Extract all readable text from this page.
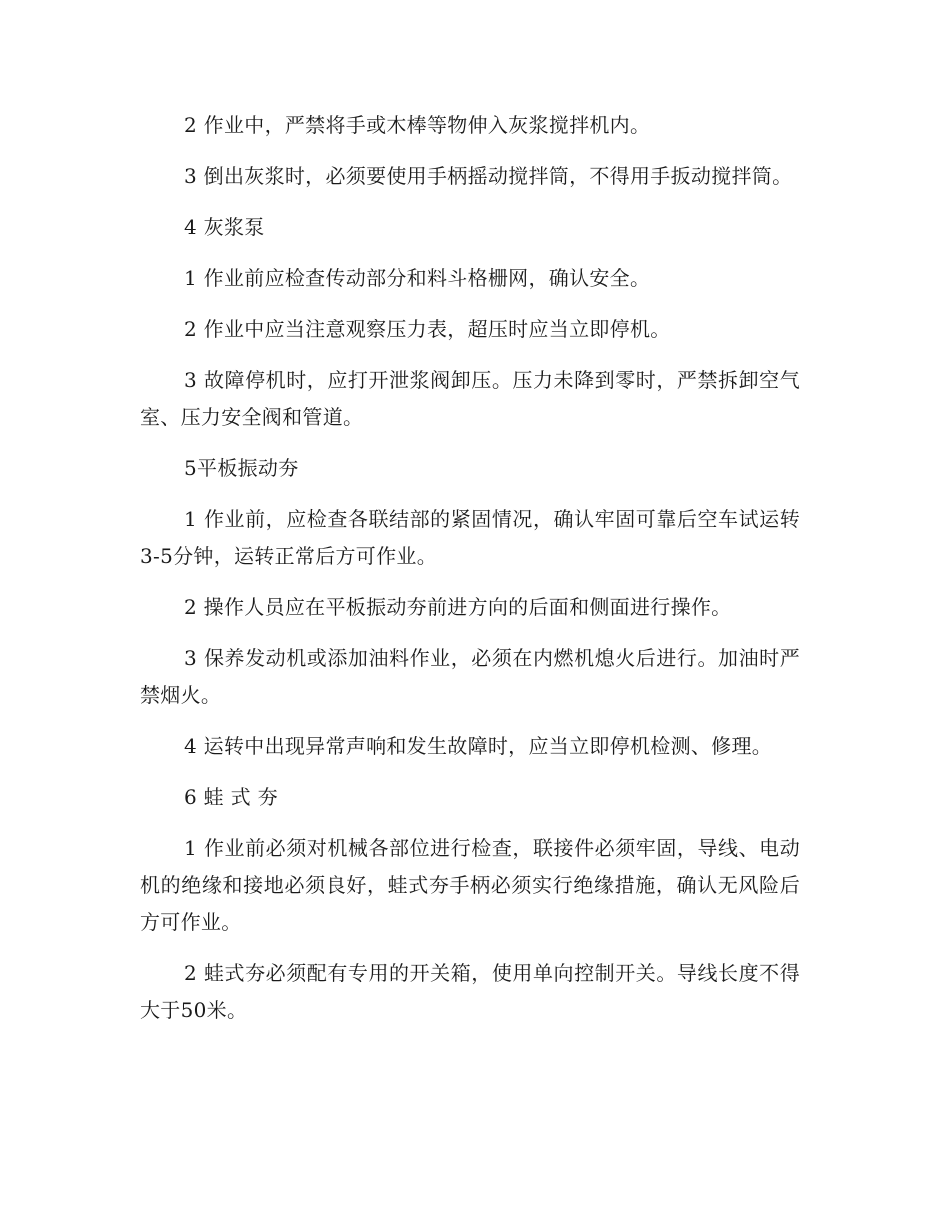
2 作业中，严禁将手或木棒等物伸入灰浆搅拌机内。

3 倒出灰浆时，必须要使用手柄摇动搅拌筒，不得用手扳动搅拌筒。

4 灰浆泵

1 作业前应检查传动部分和料斗格栅网，确认安全。

2 作业中应当注意观察压力表，超压时应当立即停机。

3 故障停机时，应打开泄浆阀卸压。压力未降到零时，严禁拆卸空气室、压力安全阀和管道。

5平板振动夯

1 作业前，应检查各联结部的紧固情况，确认牢固可靠后空车试运转3-5分钟，运转正常后方可作业。

2 操作人员应在平板振动夯前进方向的后面和侧面进行操作。

3 保养发动机或添加油料作业，必须在内燃机熄火后进行。加油时严禁烟火。

4 运转中出现异常声响和发生故障时，应当立即停机检测、修理。

6 蛙 式 夯

1 作业前必须对机械各部位进行检查，联接件必须牢固，导线、电动机的绝缘和接地必须良好，蛙式夯手柄必须实行绝缘措施，确认无风险后方可作业。

2 蛙式夯必须配有专用的开关箱，使用单向控制开关。导线长度不得大于50米。
